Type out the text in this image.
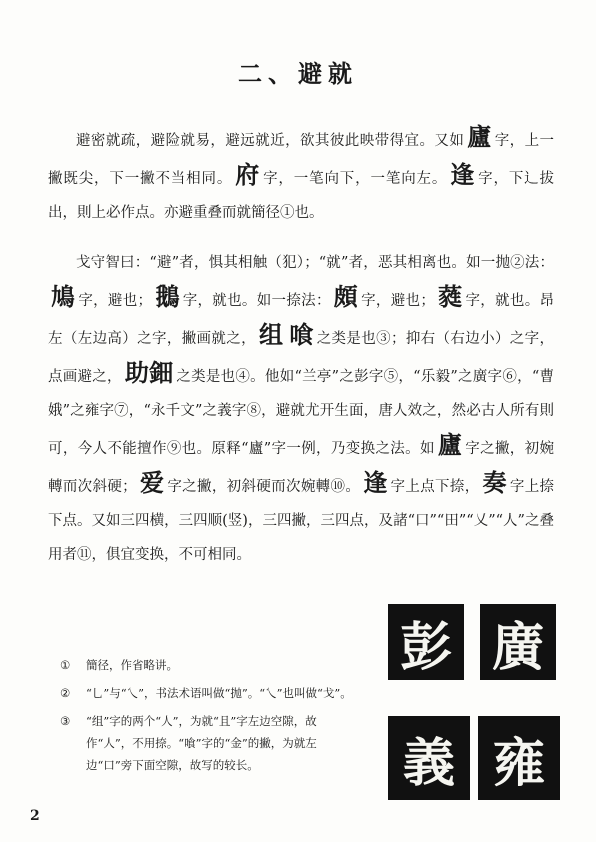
二、避就
避密就疏，避险就易，避远就近，欲其彼此映带得宜。又如 廬 字，上一撇既尖，下一撇不当相同。 府 字，一笔向下，一笔向左。 逢 字，下辶拔出，則上必作点。亦避重叠而就簡径①也。
戈守智曰：“避”者，惧其相触（犯）；“就”者，恶其相离也。如一抛②法：鳩 字，避也； 鵝 字，就也。如一捺法： 頗 字，避也； 蕤 字，就也。昂左（左边高）之字，撇画就之， 组 喰 之类是也③；抑右（右边小）之字，点画避之， 助鈿 之类是也④。他如“兰亭”之彭字⑤，“乐毅”之廣字⑥，“曹娥”之雍字⑦，“永千文”之義字⑧，避就尤开生面，唐人效之，然必古人所有則可，今人不能擅作⑨也。原释“廬”字一例，乃变换之法。如 廬 字之撇，初婉轉而次斜硬； 爱 字之撇，初斜硬而次婉轉⑩。 逢 字上点下捺， 奏 字上捺下点。又如三四横，三四顺(竖)，三四撇，三四点，及諸“口”“田”“乂”“人”之叠用者⑪，俱宜变换，不可相同。
①	簡径，作省略讲。
②	“乚”与“乀”，书法术语叫做“抛”。“乀”也叫做“戈”。
③	“组”字的两个“人”，为就“且”字左边空隙，故作“人”，不用捺。“喰”字的“金”的撇，为就左边“口”旁下面空隙，故写的较长。
彭 廣
義 雍
2
